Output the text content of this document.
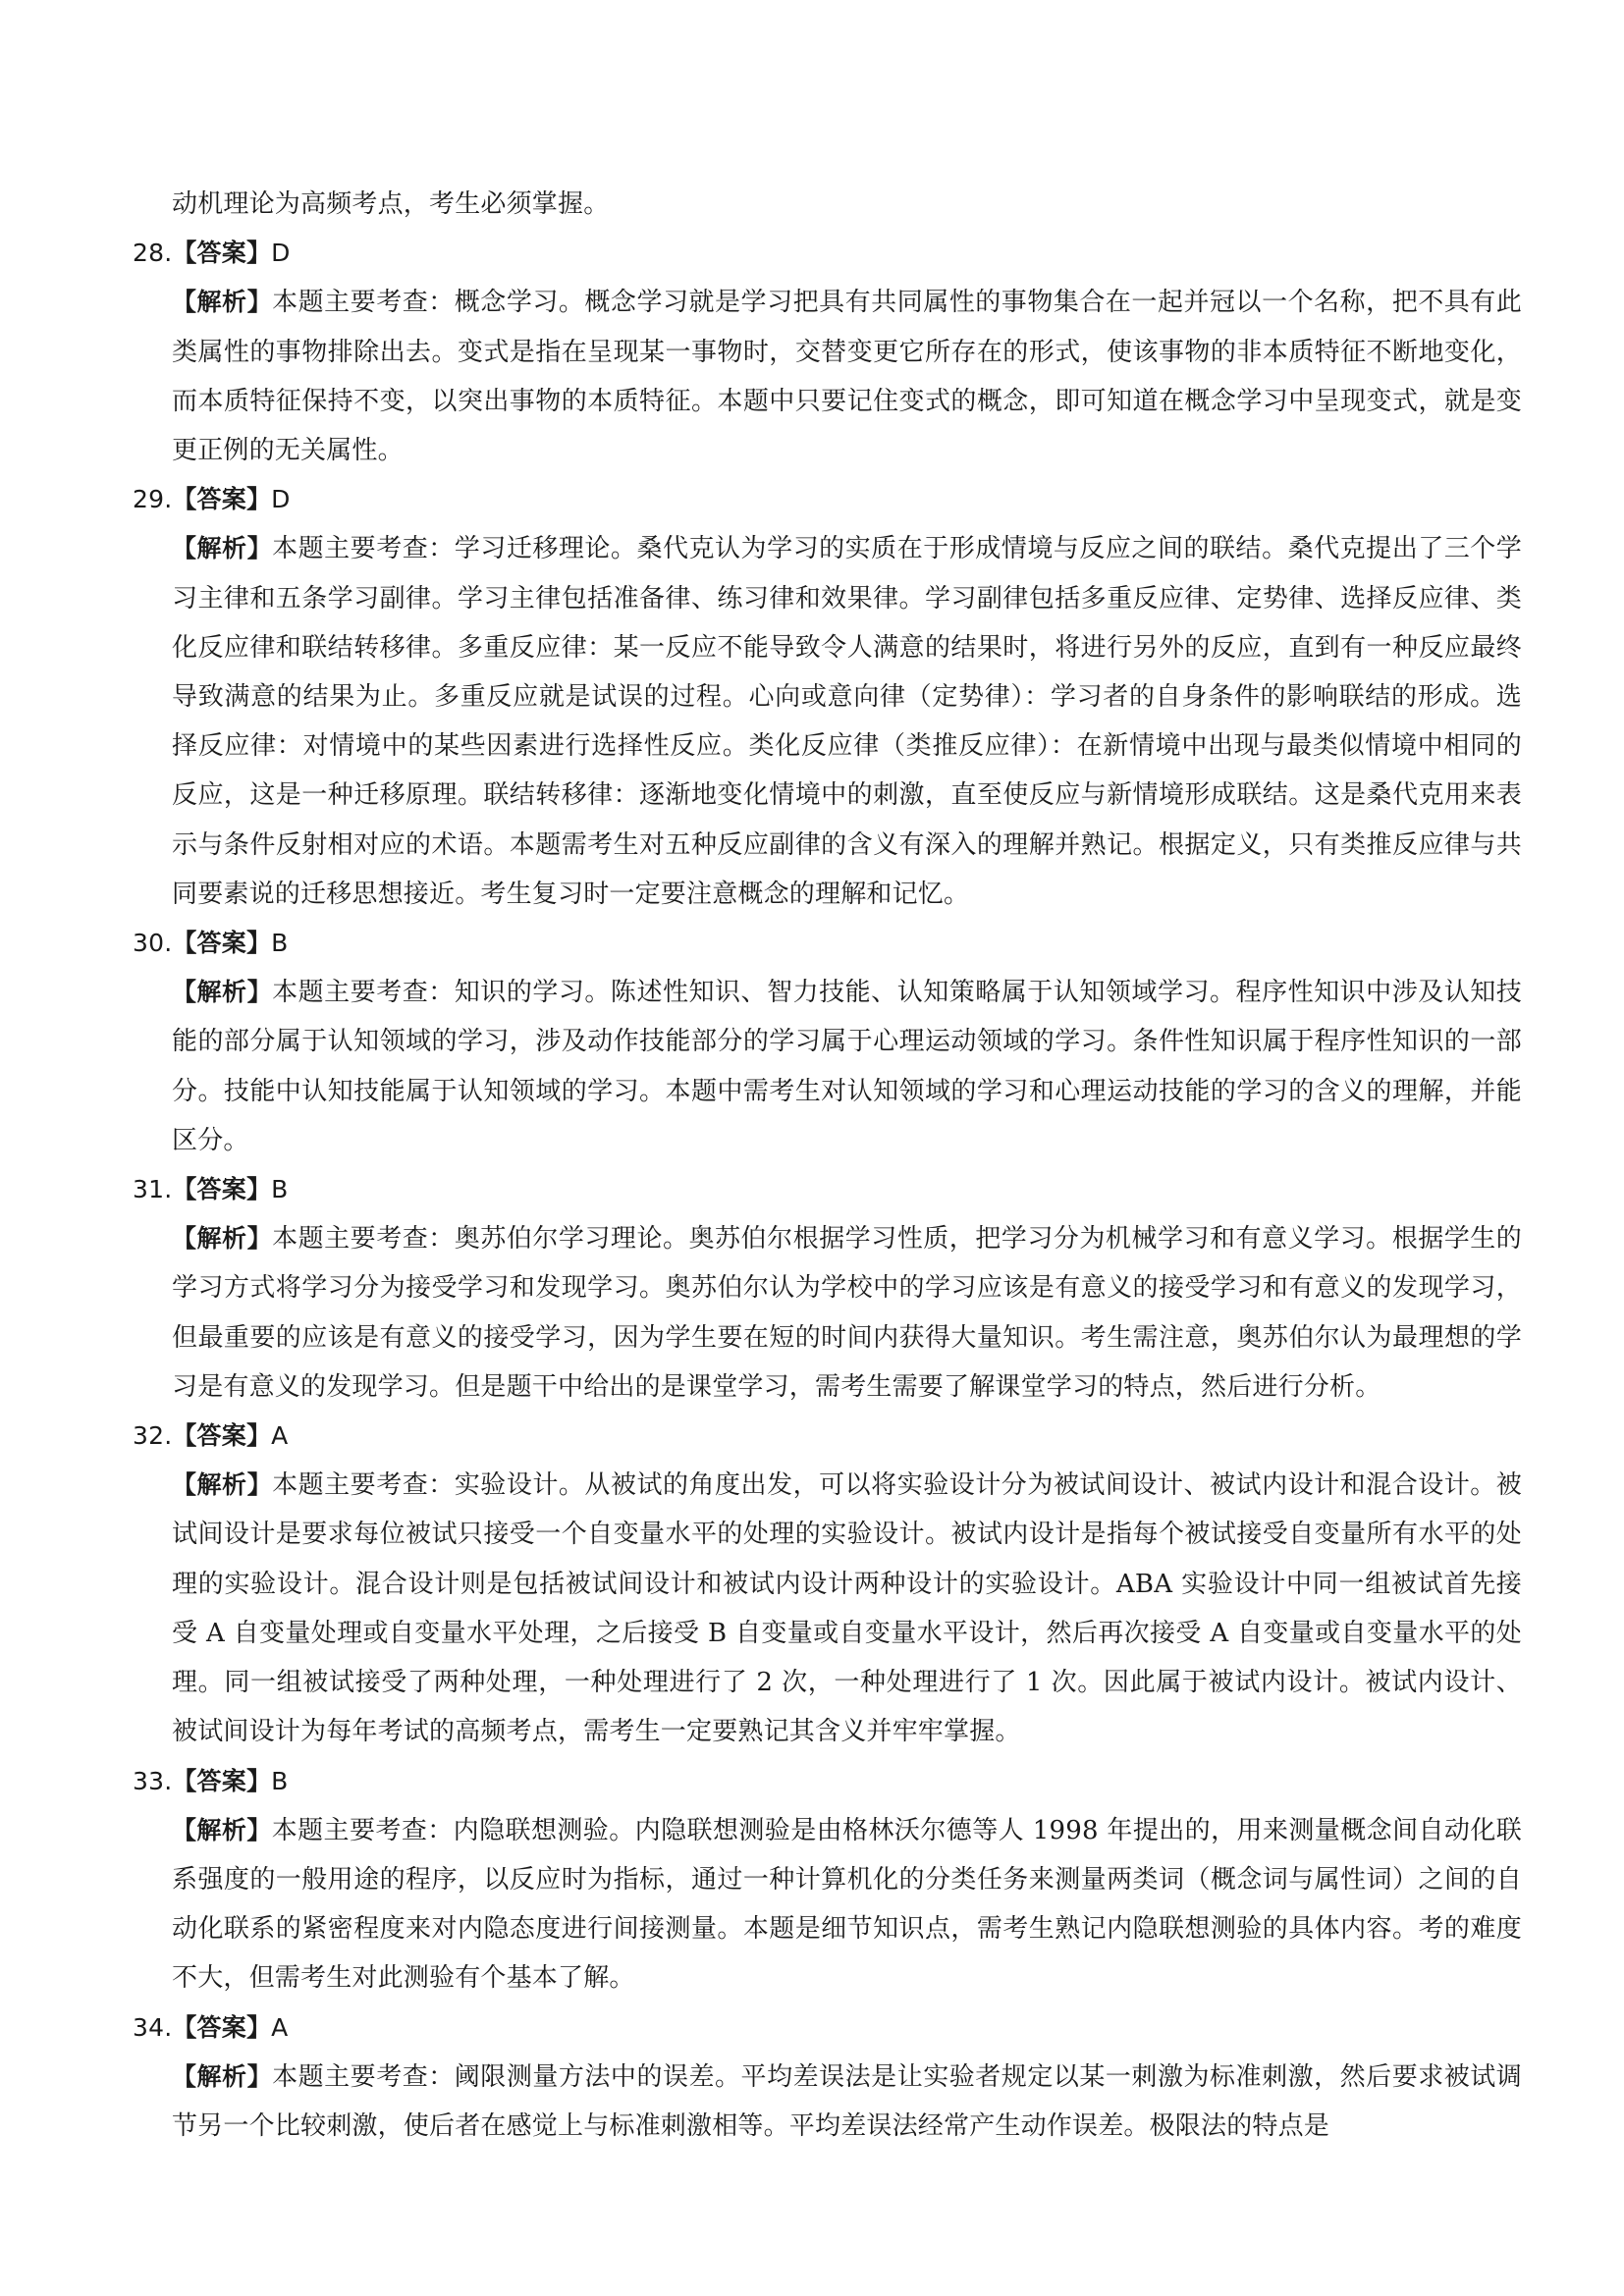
动机理论为高频考点，考生必须掌握。

28.【答案】D

【解析】本题主要考查：概念学习。概念学习就是学习把具有共同属性的事物集合在一起并冠以一个名称，把不具有此类属性的事物排除出去。变式是指在呈现某一事物时，交替变更它所存在的形式，使该事物的非本质特征不断地变化，而本质特征保持不变，以突出事物的本质特征。本题中只要记住变式的概念，即可知道在概念学习中呈现变式，就是变更正例的无关属性。

29.【答案】D

【解析】本题主要考查：学习迁移理论。桑代克认为学习的实质在于形成情境与反应之间的联结。桑代克提出了三个学习主律和五条学习副律。学习主律包括准备律、练习律和效果律。学习副律包括多重反应律、定势律、选择反应律、类化反应律和联结转移律。多重反应律：某一反应不能导致令人满意的结果时，将进行另外的反应，直到有一种反应最终导致满意的结果为止。多重反应就是试误的过程。心向或意向律（定势律）：学习者的自身条件的影响联结的形成。选择反应律：对情境中的某些因素进行选择性反应。类化反应律（类推反应律）：在新情境中出现与最类似情境中相同的反应，这是一种迁移原理。联结转移律：逐渐地变化情境中的刺激，直至使反应与新情境形成联结。这是桑代克用来表示与条件反射相对应的术语。本题需考生对五种反应副律的含义有深入的理解并熟记。根据定义，只有类推反应律与共同要素说的迁移思想接近。考生复习时一定要注意概念的理解和记忆。

30.【答案】B

【解析】本题主要考查：知识的学习。陈述性知识、智力技能、认知策略属于认知领域学习。程序性知识中涉及认知技能的部分属于认知领域的学习，涉及动作技能部分的学习属于心理运动领域的学习。条件性知识属于程序性知识的一部分。技能中认知技能属于认知领域的学习。本题中需考生对认知领域的学习和心理运动技能的学习的含义的理解，并能区分。

31.【答案】B

【解析】本题主要考查：奥苏伯尔学习理论。奥苏伯尔根据学习性质，把学习分为机械学习和有意义学习。根据学生的学习方式将学习分为接受学习和发现学习。奥苏伯尔认为学校中的学习应该是有意义的接受学习和有意义的发现学习，但最重要的应该是有意义的接受学习，因为学生要在短的时间内获得大量知识。考生需注意，奥苏伯尔认为最理想的学习是有意义的发现学习。但是题干中给出的是课堂学习，需考生需要了解课堂学习的特点，然后进行分析。

32.【答案】A

【解析】本题主要考查：实验设计。从被试的角度出发，可以将实验设计分为被试间设计、被试内设计和混合设计。被试间设计是要求每位被试只接受一个自变量水平的处理的实验设计。被试内设计是指每个被试接受自变量所有水平的处理的实验设计。混合设计则是包括被试间设计和被试内设计两种设计的实验设计。ABA 实验设计中同一组被试首先接受 A 自变量处理或自变量水平处理，之后接受 B 自变量或自变量水平设计，然后再次接受 A 自变量或自变量水平的处理。同一组被试接受了两种处理，一种处理进行了 2 次，一种处理进行了 1 次。因此属于被试内设计。被试内设计、被试间设计为每年考试的高频考点，需考生一定要熟记其含义并牢牢掌握。

33.【答案】B

【解析】本题主要考查：内隐联想测验。内隐联想测验是由格林沃尔德等人 1998 年提出的，用来测量概念间自动化联系强度的一般用途的程序，以反应时为指标，通过一种计算机化的分类任务来测量两类词（概念词与属性词）之间的自动化联系的紧密程度来对内隐态度进行间接测量。本题是细节知识点，需考生熟记内隐联想测验的具体内容。考的难度不大，但需考生对此测验有个基本了解。

34.【答案】A

【解析】本题主要考查：阈限测量方法中的误差。平均差误法是让实验者规定以某一刺激为标准刺激，然后要求被试调节另一个比较刺激，使后者在感觉上与标准刺激相等。平均差误法经常产生动作误差。极限法的特点是
